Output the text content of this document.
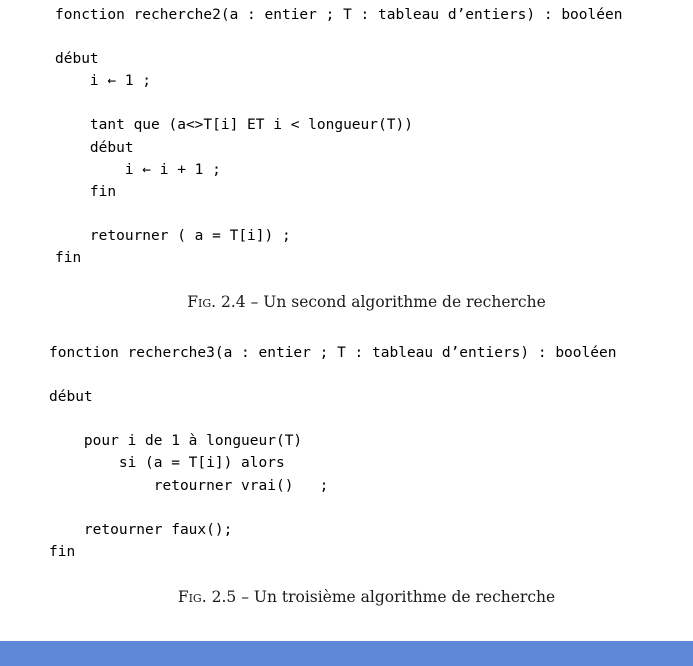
fonction recherche2(a : entier ; T : tableau d’entiers) : booléen
début
i ← 1 ;
tant que (a<>T[i] ET i < longueur(T))
début
i ← i + 1 ;
fin
retourner ( a = T[i]) ;
fin
Fig. 2.4 – Un second algorithme de recherche
fonction recherche3(a : entier ; T : tableau d’entiers) : booléen
début
pour i de 1 à longueur(T)
si (a = T[i]) alors
retourner vrai()   ;
retourner faux();
fin
Fig. 2.5 – Un troisième algorithme de recherche
